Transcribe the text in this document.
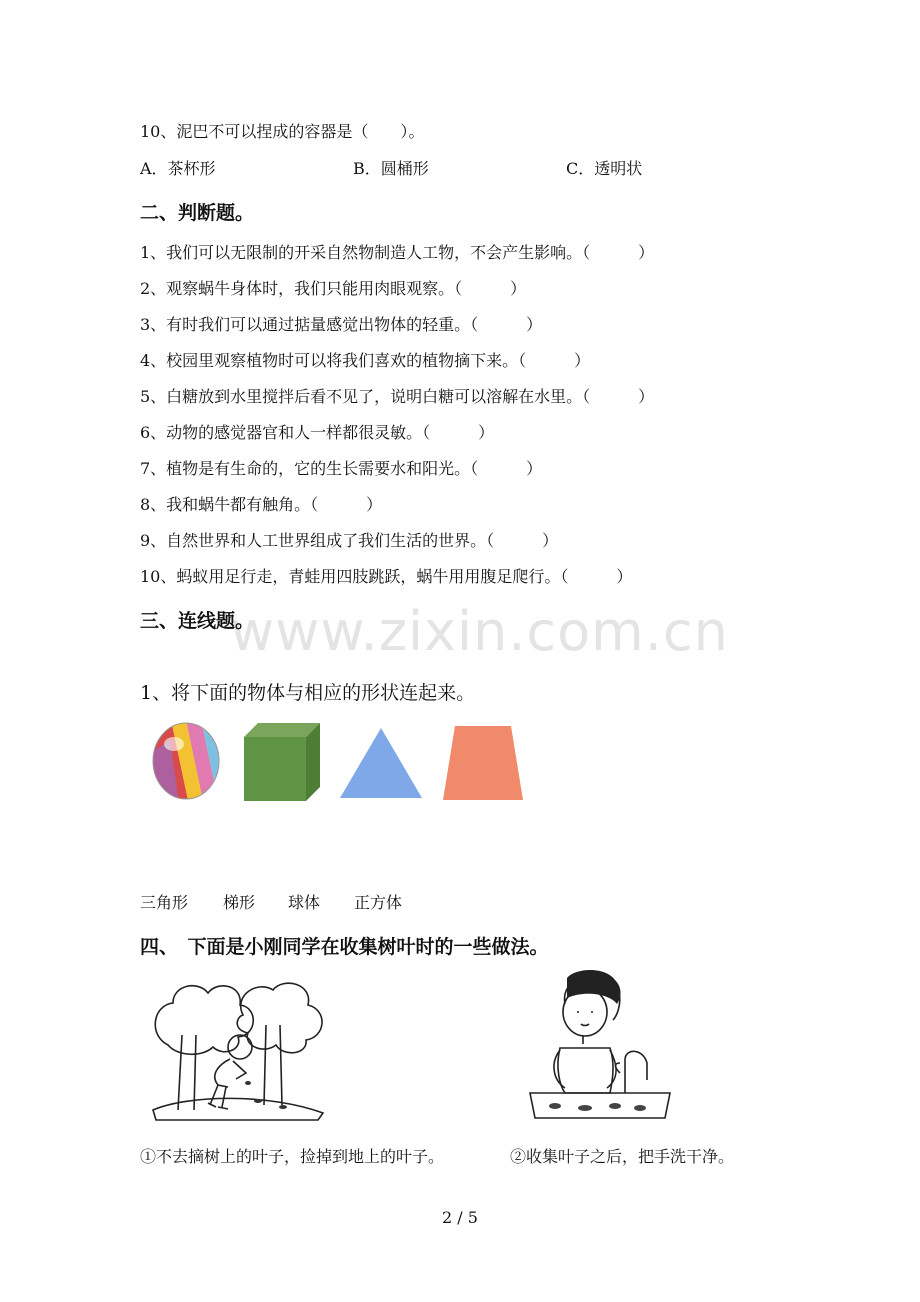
www.zixin.com.cn
10、泥巴不可以捏成的容器是（　　）。
A．茶杯形	B．圆桶形	C．透明状
二、判断题。
1、我们可以无限制的开采自然物制造人工物，不会产生影响。（　　　）
2、观察蜗牛身体时，我们只能用肉眼观察。（　　　）
3、有时我们可以通过掂量感觉出物体的轻重。（　　　）
4、校园里观察植物时可以将我们喜欢的植物摘下来。（　　　）
5、白糖放到水里搅拌后看不见了，说明白糖可以溶解在水里。（　　　）
6、动物的感觉器官和人一样都很灵敏。（　　　）
7、植物是有生命的，它的生长需要水和阳光。（　　　）
8、我和蜗牛都有触角。（　　　）
9、自然世界和人工世界组成了我们生活的世界。（　　　）
10、蚂蚁用足行走，青蛙用四肢跳跃，蜗牛用用腹足爬行。（　　　）
三、连线题。
1、将下面的物体与相应的形状连起来。
三角形 梯形 球体 正方体
四、　下面是小刚同学在收集树叶时的一些做法。
①不去摘树上的叶子，捡掉到地上的叶子。	②收集叶子之后，把手洗干净。
2 / 5
